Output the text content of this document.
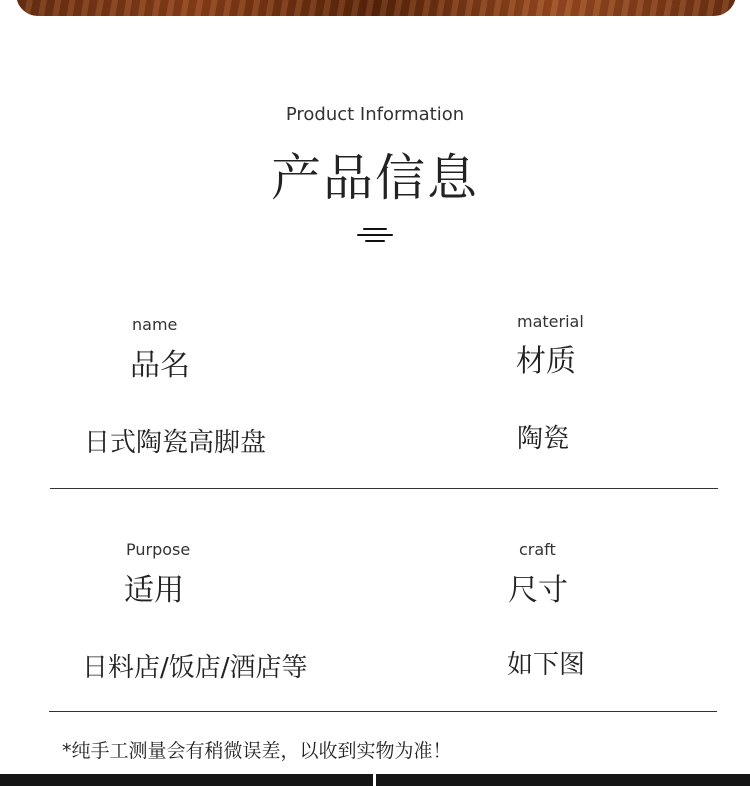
Product Information
产品信息
name
品名
日式陶瓷高脚盘
material
材质
陶瓷
Purpose
适用
日料店/饭店/酒店等
craft
尺寸
如下图
*纯手工测量会有稍微误差，以收到实物为准！
